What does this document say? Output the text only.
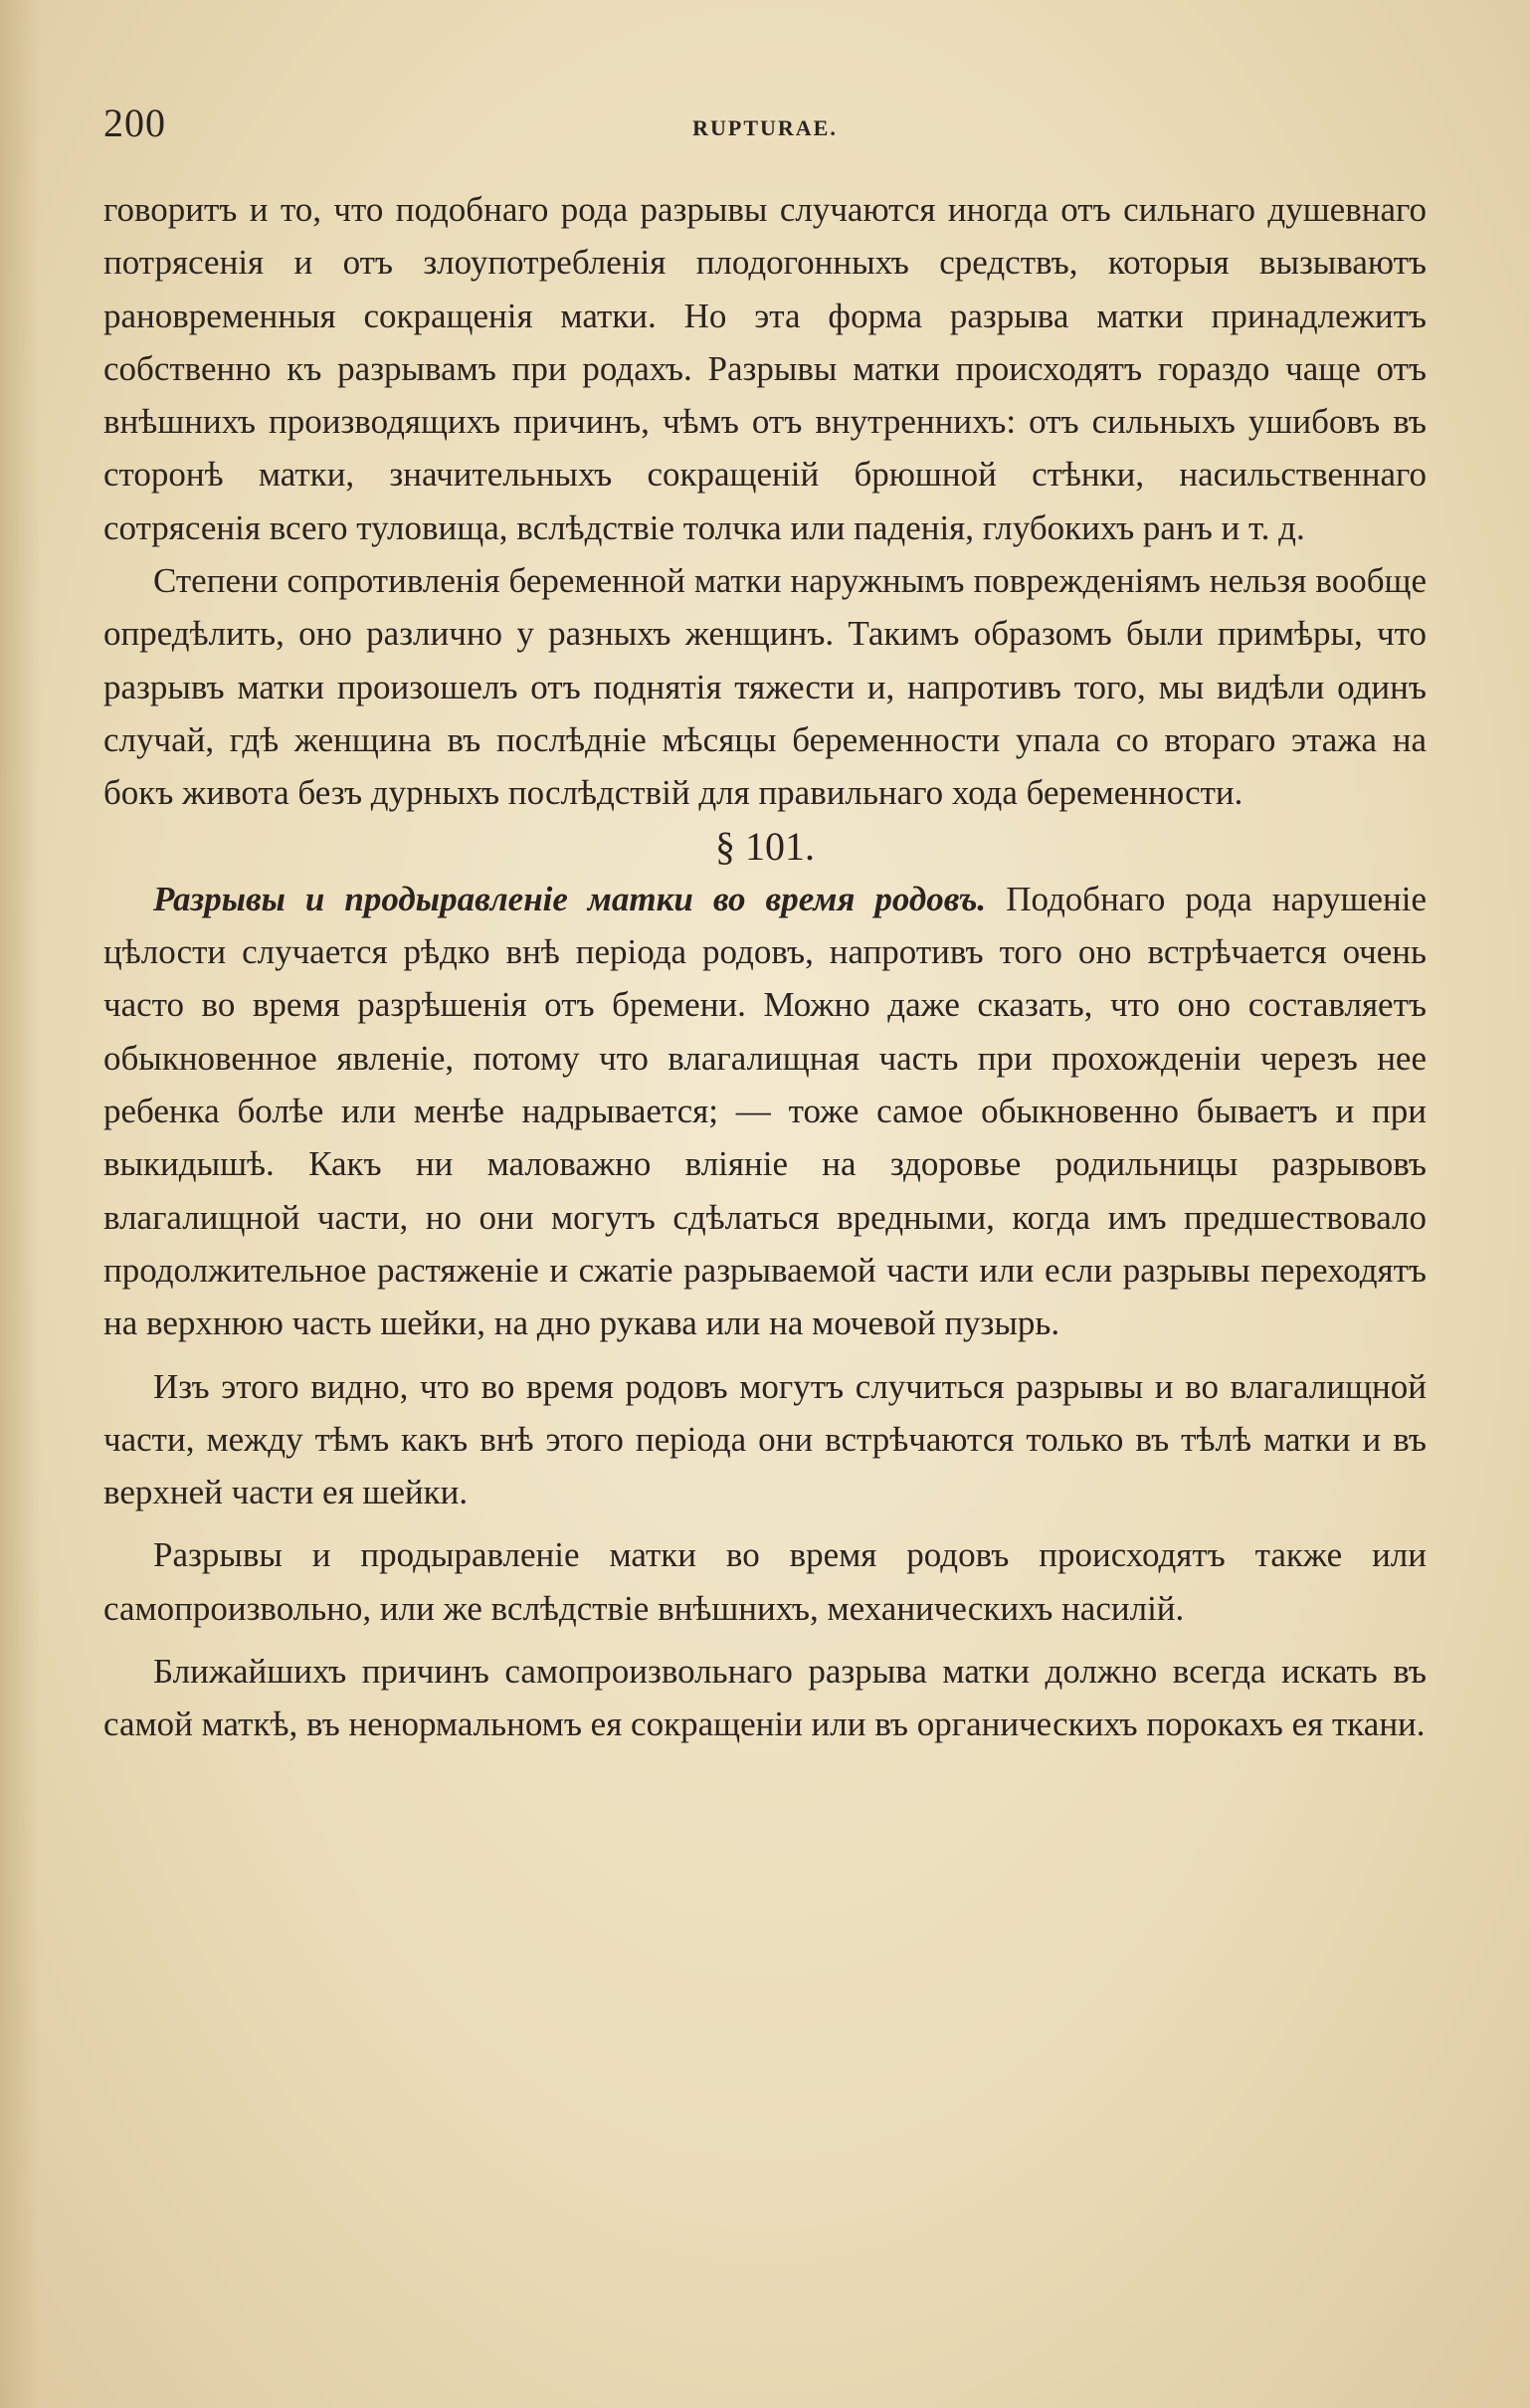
200	RUPTURAE.

говоритъ и то, что подобнаго рода разрывы случаются иногда отъ сильнаго душевнаго потрясенія и отъ злоупотребленія плодогонныхъ средствъ, которыя вызываютъ рановременныя сокращенія матки. Но эта форма разрыва матки принадлежитъ собственно къ разрывамъ при родахъ. Разрывы матки происходятъ гораздо чаще отъ внѣшнихъ производящихъ причинъ, чѣмъ отъ внутреннихъ: отъ сильныхъ ушибовъ въ сторонѣ матки, значительныхъ сокращеній брюшной стѣнки, насильственнаго сотрясенія всего туловища, вслѣдствіе толчка или паденія, глубокихъ ранъ и т. д.

Степени сопротивленія беременной матки наружнымъ поврежденіямъ нельзя вообще опредѣлить, оно различно у разныхъ женщинъ. Такимъ образомъ были примѣры, что разрывъ матки произошелъ отъ поднятія тяжести и, напротивъ того, мы видѣли одинъ случай, гдѣ женщина въ послѣдніе мѣсяцы беременности упала со втораго этажа на бокъ живота безъ дурныхъ послѣдствій для правильнаго хода беременности.

§ 101.

Разрывы и продыравленіе матки во время родовъ. Подобнаго рода нарушеніе цѣлости случается рѣдко внѣ періода родовъ, напротивъ того оно встрѣчается очень часто во время разрѣшенія отъ бремени. Можно даже сказать, что оно составляетъ обыкновенное явленіе, потому что влагалищная часть при прохожденіи черезъ нее ребенка болѣе или менѣе надрывается; — тоже самое обыкновенно бываетъ и при выкидышѣ. Какъ ни маловажно вліяніе на здоровье родильницы разрывовъ влагалищной части, но они могутъ сдѣлаться вредными, когда имъ предшествовало продолжительное растяженіе и сжатіе разрываемой части или если разрывы переходятъ на верхнюю часть шейки, на дно рукава или на мочевой пузырь.

Изъ этого видно, что во время родовъ могутъ случиться разрывы и во влагалищной части, между тѣмъ какъ внѣ этого періода они встрѣчаются только въ тѣлѣ матки и въ верхней части ея шейки.

Разрывы и продыравленіе матки во время родовъ происходятъ также или самопроизвольно, или же вслѣдствіе внѣшнихъ, механическихъ насилій.

Ближайшихъ причинъ самопроизвольнаго разрыва матки должно всегда искать въ самой маткѣ, въ ненормальномъ ея сокращеніи или въ органическихъ порокахъ ея ткани.
